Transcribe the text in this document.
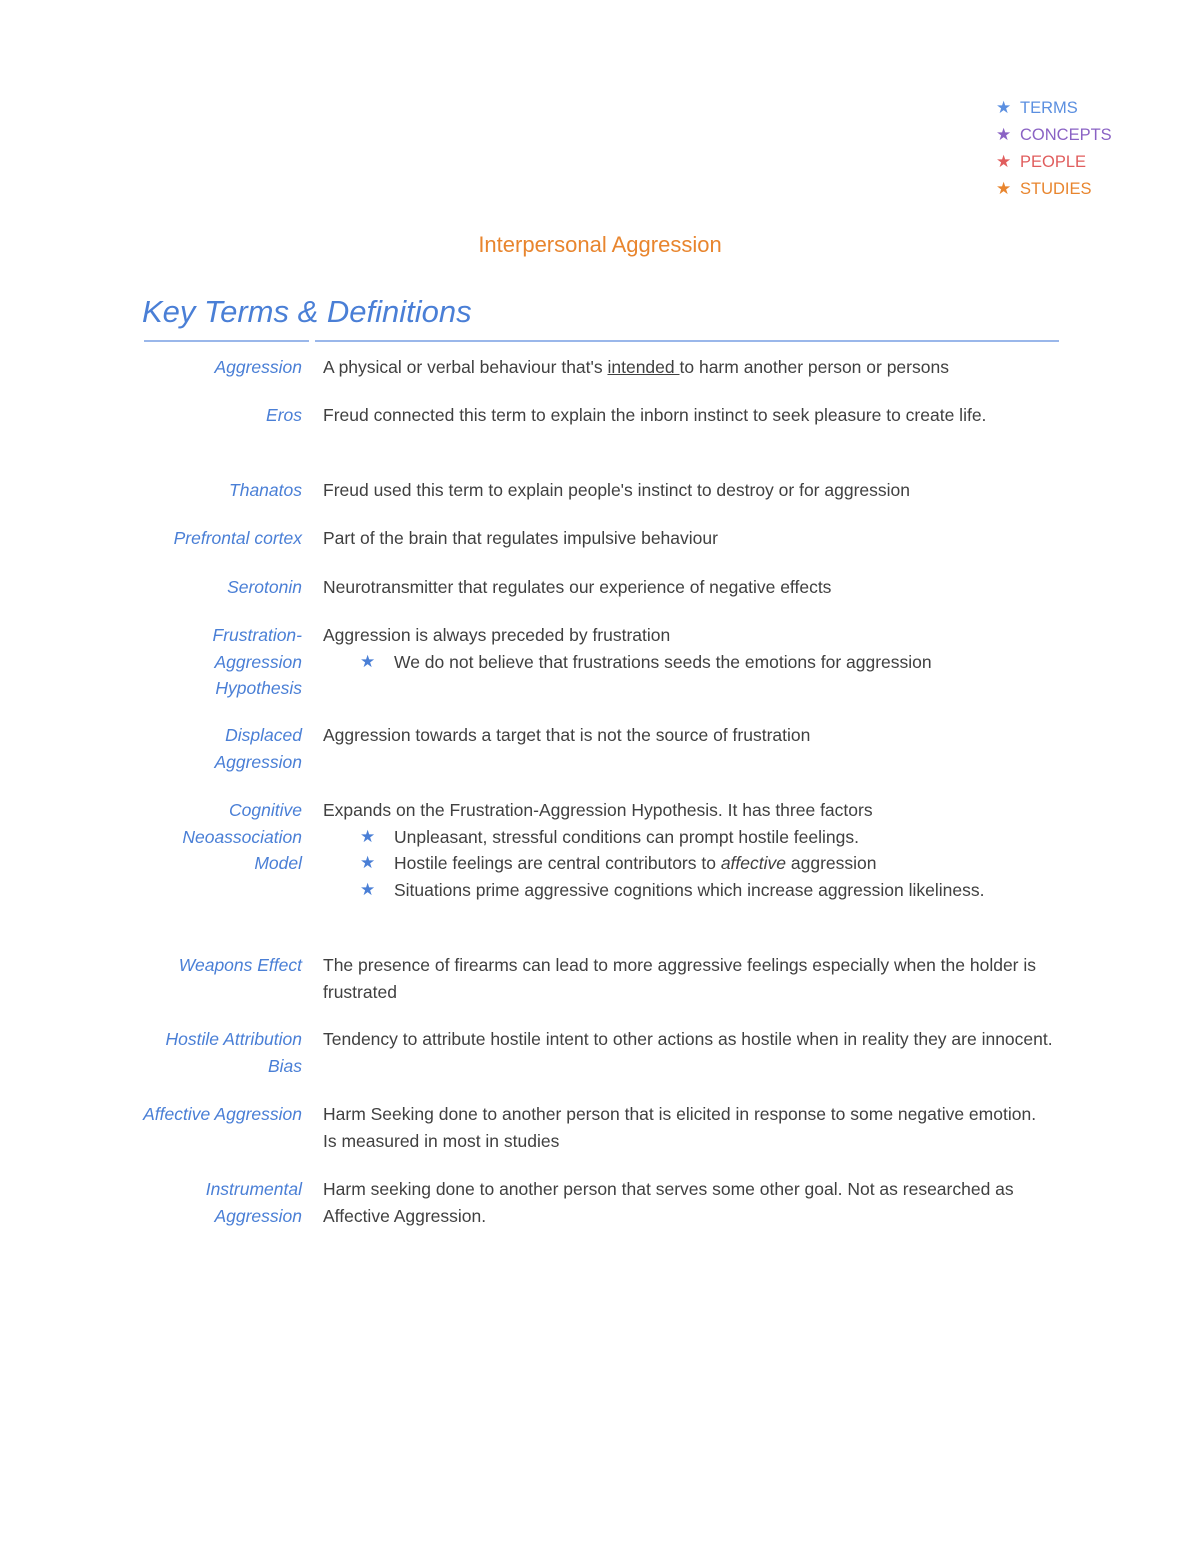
★ TERMS
★ CONCEPTS
★ PEOPLE
★ STUDIES
Interpersonal Aggression
Key Terms & Definitions
Aggression A physical or verbal behaviour that's intended to harm another person or persons
Eros Freud connected this term to explain the inborn instinct to seek pleasure to create life.
Thanatos Freud used this term to explain people's instinct to destroy or for aggression
Prefrontal cortex Part of the brain that regulates impulsive behaviour
Serotonin Neurotransmitter that regulates our experience of negative effects
Frustration-Aggression Hypothesis
Aggression is always preceded by frustration
★ We do not believe that frustrations seeds the emotions for aggression
Displaced Aggression
Aggression towards a target that is not the source of frustration
Cognitive Neoassociation Model
Expands on the Frustration-Aggression Hypothesis. It has three factors
★ Unpleasant, stressful conditions can prompt hostile feelings.
★ Hostile feelings are central contributors to affective aggression
★ Situations prime aggressive cognitions which increase aggression likeliness.
Weapons Effect The presence of firearms can lead to more aggressive feelings especially when the holder is frustrated
Hostile Attribution Bias
Tendency to attribute hostile intent to other actions as hostile when in reality they are innocent.
Affective Aggression Harm Seeking done to another person that is elicited in response to some negative emotion. Is measured in most in studies
Instrumental Aggression
Harm seeking done to another person that serves some other goal. Not as researched as Affective Aggression.
